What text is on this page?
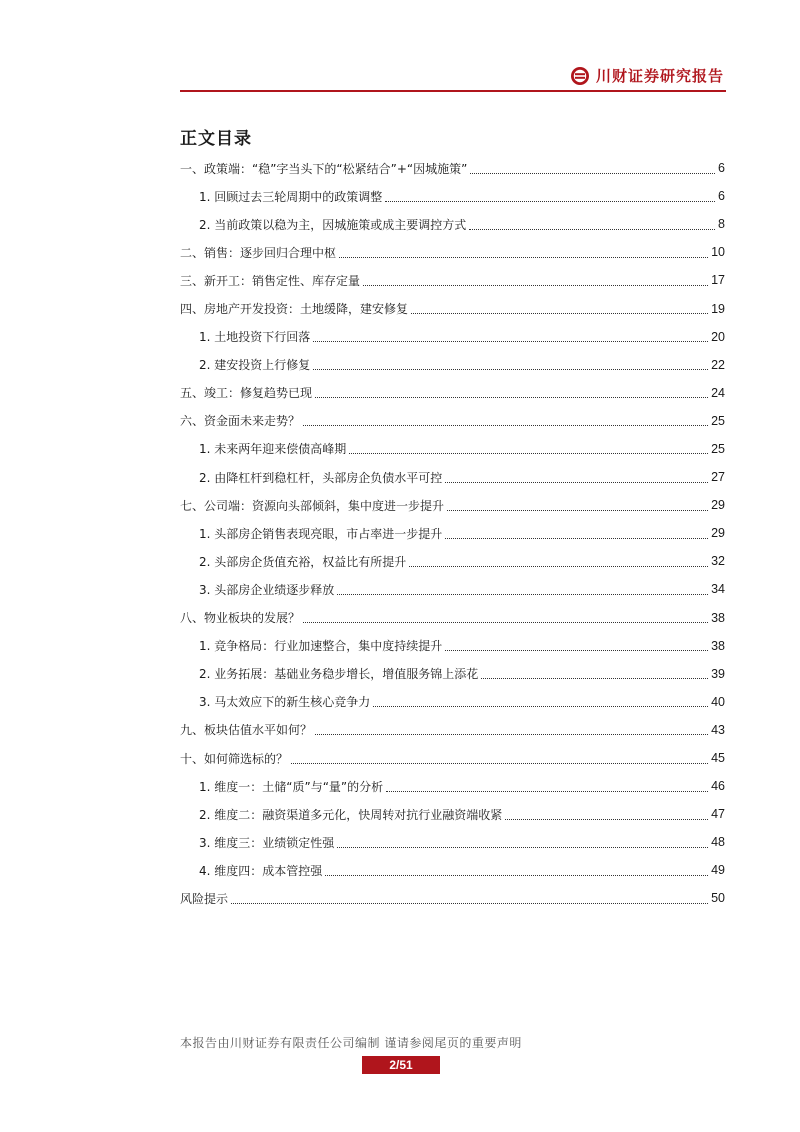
川财证券研究报告
正文目录
一、政策端：“稳”字当头下的“松紧结合”+“因城施策”	6
1. 回顾过去三轮周期中的政策调整	6
2. 当前政策以稳为主，因城施策或成主要调控方式	8
二、销售：逐步回归合理中枢	10
三、新开工：销售定性、库存定量	17
四、房地产开发投资：土地缓降，建安修复	19
1. 土地投资下行回落	20
2. 建安投资上行修复	22
五、竣工：修复趋势已现	24
六、资金面未来走势？	25
1. 未来两年迎来偿债高峰期	25
2. 由降杠杆到稳杠杆，头部房企负债水平可控	27
七、公司端：资源向头部倾斜，集中度进一步提升	29
1. 头部房企销售表现亮眼，市占率进一步提升	29
2. 头部房企货值充裕，权益比有所提升	32
3. 头部房企业绩逐步释放	34
八、物业板块的发展？	38
1. 竞争格局：行业加速整合，集中度持续提升	38
2. 业务拓展：基础业务稳步增长，增值服务锦上添花	39
3. 马太效应下的新生核心竞争力	40
九、板块估值水平如何？	43
十、如何筛选标的？	45
1. 维度一：土储“质”与“量”的分析	46
2. 维度二：融资渠道多元化，快周转对抗行业融资端收紧	47
3. 维度三：业绩锁定性强	48
4. 维度四：成本管控强	49
风险提示	50
本报告由川财证券有限责任公司编制 谨请参阅尾页的重要声明
2/51
